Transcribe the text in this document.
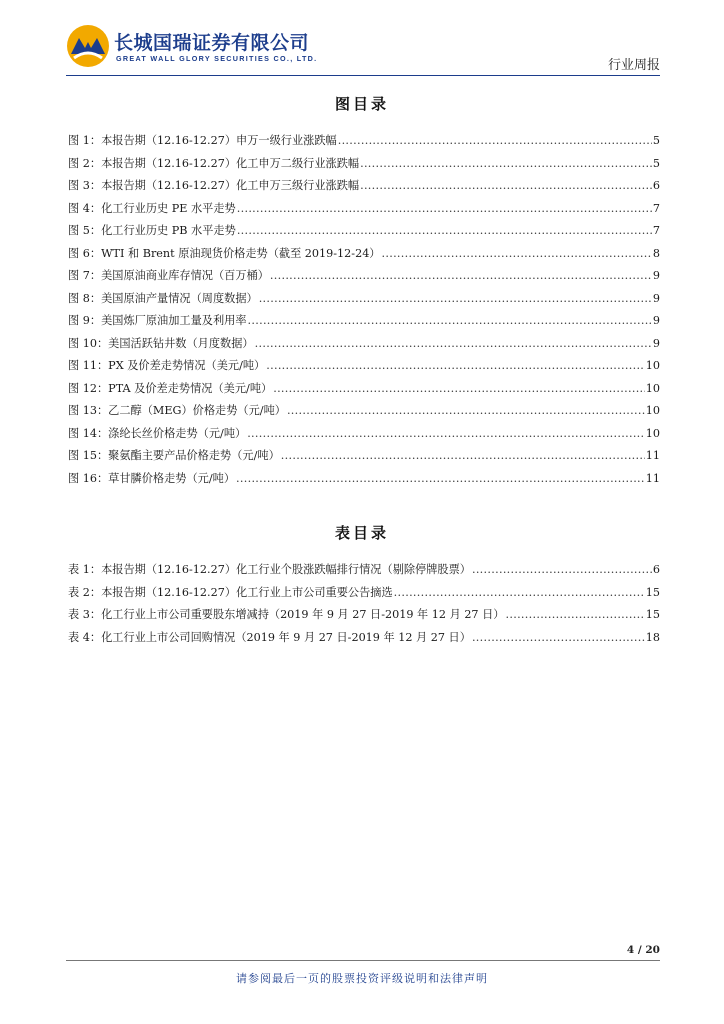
长城国瑞证券有限公司
GREAT WALL GLORY SECURITIES CO., LTD.	行业周报
图目录
图 1： 本报告期（12.16-12.27）申万一级行业涨跌幅 .....	5
图 2： 本报告期（12.16-12.27）化工申万二级行业涨跌幅 .....	5
图 3： 本报告期（12.16-12.27）化工申万三级行业涨跌幅 .....	6
图 4： 化工行业历史 PE 水平走势 .....	7
图 5： 化工行业历史 PB 水平走势 .....	7
图 6： WTI 和 Brent 原油现货价格走势（截至 2019-12-24） .....	8
图 7： 美国原油商业库存情况（百万桶） .....	9
图 8： 美国原油产量情况（周度数据） .....	9
图 9： 美国炼厂原油加工量及利用率 .....	9
图 10： 美国活跃钻井数（月度数据） .....	9
图 11： PX 及价差走势情况（美元/吨） .....	10
图 12： PTA 及价差走势情况（美元/吨） .....	10
图 13： 乙二醇（MEG）价格走势（元/吨） .....	10
图 14： 涤纶长丝价格走势（元/吨） .....	10
图 15： 聚氨酯主要产品价格走势（元/吨） .....	11
图 16： 草甘膦价格走势（元/吨） .....	11
表目录
表 1： 本报告期（12.16-12.27）化工行业个股涨跌幅排行情况（剔除停牌股票） .....	6
表 2： 本报告期（12.16-12.27）化工行业上市公司重要公告摘选 .....	15
表 3： 化工行业上市公司重要股东增减持（2019 年 9 月 27 日-2019 年 12 月 27 日） .....	15
表 4： 化工行业上市公司回购情况（2019 年 9 月 27 日-2019 年 12 月 27 日） .....	18
4 / 20
请参阅最后一页的股票投资评级说明和法律声明
